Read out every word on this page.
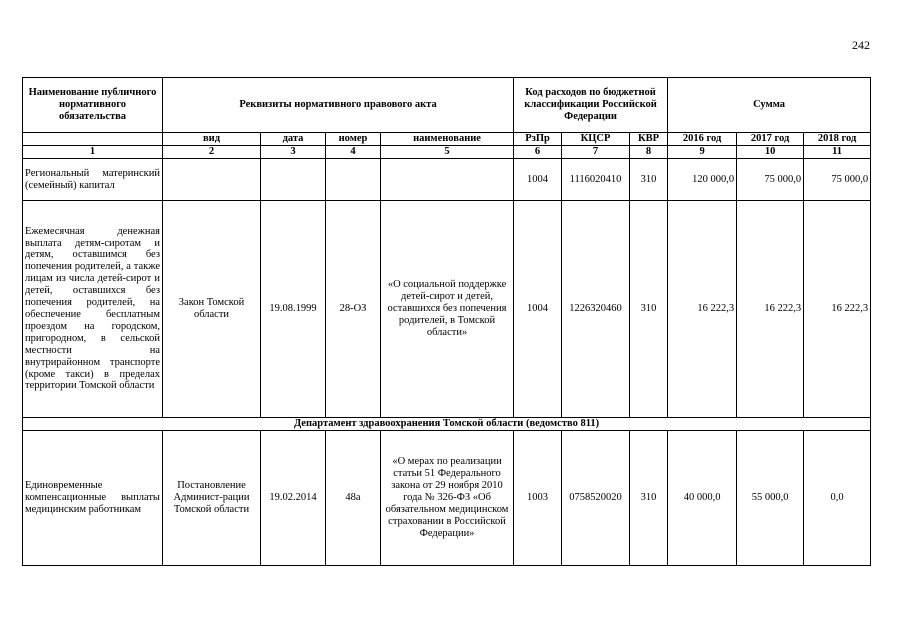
242
Наименование публичного нормативного обязательства	Реквизиты нормативного правового акта				Код расходов по бюджетной классификации Российской Федерации			Сумма		
	вид	дата	номер	наименование	РзПр	КЦСР	КВР	2016 год	2017 год	2018 год
1	2	3	4	5	6	7	8	9	10	11
Региональный материнский (семейный) капитал					1004	1116020410	310	120 000,0	75 000,0	75 000,0
Ежемесячная денежная выплата детям-сиротам и детям, оставшимся без попечения родителей, а также лицам из числа детей-сирот и детей, оставшихся без попечения родителей, на обеспечение бесплатным проездом на городском, пригородном, в сельской местности на внутрирайонном транспорте (кроме такси) в пределах территории Томской области	Закон Томской области	19.08.1999	28-ОЗ	«О социальной поддержке детей-сирот и детей, оставшихся без попечения родителей, в Томской области»	1004	1226320460	310	16 222,3	16 222,3	16 222,3
Департамент здравоохранения Томской области (ведомство 811)										
Единовременные компенсационные выплаты медицинским работникам	Постановление Админист-рации Томской области	19.02.2014	48а	«О мерах по реализации статьи 51 Федерального закона от 29 ноября 2010 года № 326-ФЗ «Об обязательном медицинском страховании в Российской Федерации»	1003	0758520020	310	40 000,0	55 000,0	0,0
